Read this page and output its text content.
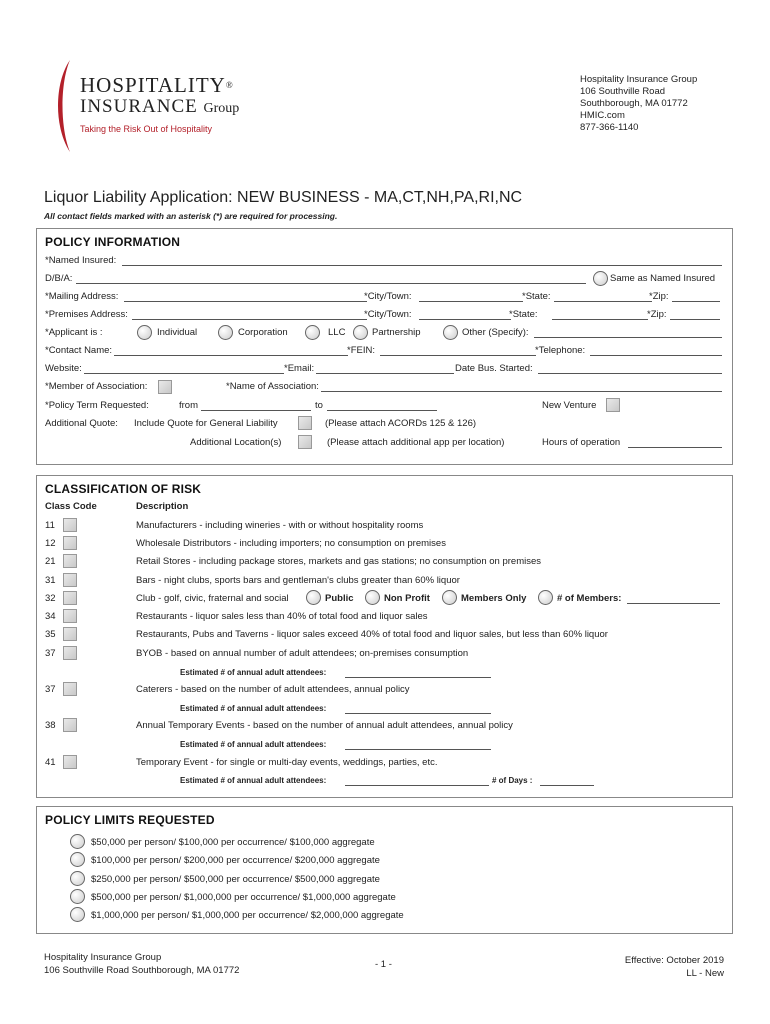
HOSPITALITY®
INSURANCE Group
Taking the Risk Out of Hospitality
Hospitality Insurance Group
106 Southville Road
Southborough, MA 01772
HMIC.com
877-366-1140
Liquor Liability Application: NEW BUSINESS - MA,CT,NH,PA,RI,NC
All contact fields marked with an asterisk (*) are required for processing.
POLICY INFORMATION
*Named Insured:
D/B/A:	Same as Named Insured
*Mailing Address:	*City/Town:	*State:	*Zip:
*Premises Address:	*City/Town:	*State:	*Zip:
*Applicant is :	Individual	Corporation	LLC	Partnership	Other (Specify):
*Contact Name:	*FEIN:	*Telephone:
Website:	*Email:	Date Bus. Started:
*Member of Association:	*Name of Association:
*Policy Term Requested:	from	to	New Venture
Additional Quote: Include Quote for General Liability	(Please attach ACORDs 125 & 126)
Additional Location(s)	(Please attach additional app per location)	Hours of operation
CLASSIFICATION OF RISK
Class Code	Description
11	Manufacturers - including wineries - with or without hospitality rooms
12	Wholesale Distributors - including importers; no consumption on premises
21	Retail Stores - including package stores, markets and gas stations; no consumption on premises
31	Bars - night clubs, sports bars and gentleman's clubs greater than 60% liquor
32	Club - golf, civic, fraternal and social	Public	Non Profit	Members Only	# of Members:
34	Restaurants - liquor sales less than 40% of total food and liquor sales
35	Restaurants, Pubs and Taverns - liquor sales exceed 40% of total food and liquor sales, but less than 60% liquor
37	BYOB - based on annual number of adult attendees; on-premises consumption
Estimated # of annual adult attendees:
37	Caterers - based on the number of adult attendees, annual policy
Estimated # of annual adult attendees:
38	Annual Temporary Events - based on the number of annual adult attendees, annual policy
Estimated # of annual adult attendees:
41	Temporary Event - for single or multi-day events, weddings, parties, etc.
Estimated # of annual adult attendees:	# of Days :
POLICY LIMITS REQUESTED
$50,000 per person/ $100,000 per occurrence/ $100,000 aggregate
$100,000 per person/ $200,000 per occurrence/ $200,000 aggregate
$250,000 per person/ $500,000 per occurrence/ $500,000 aggregate
$500,000 per person/ $1,000,000 per occurrence/ $1,000,000 aggregate
$1,000,000 per person/ $1,000,000 per occurrence/ $2,000,000 aggregate
Hospitality Insurance Group
106 Southville Road Southborough, MA 01772
- 1 -	Effective: October 2019
LL - New
